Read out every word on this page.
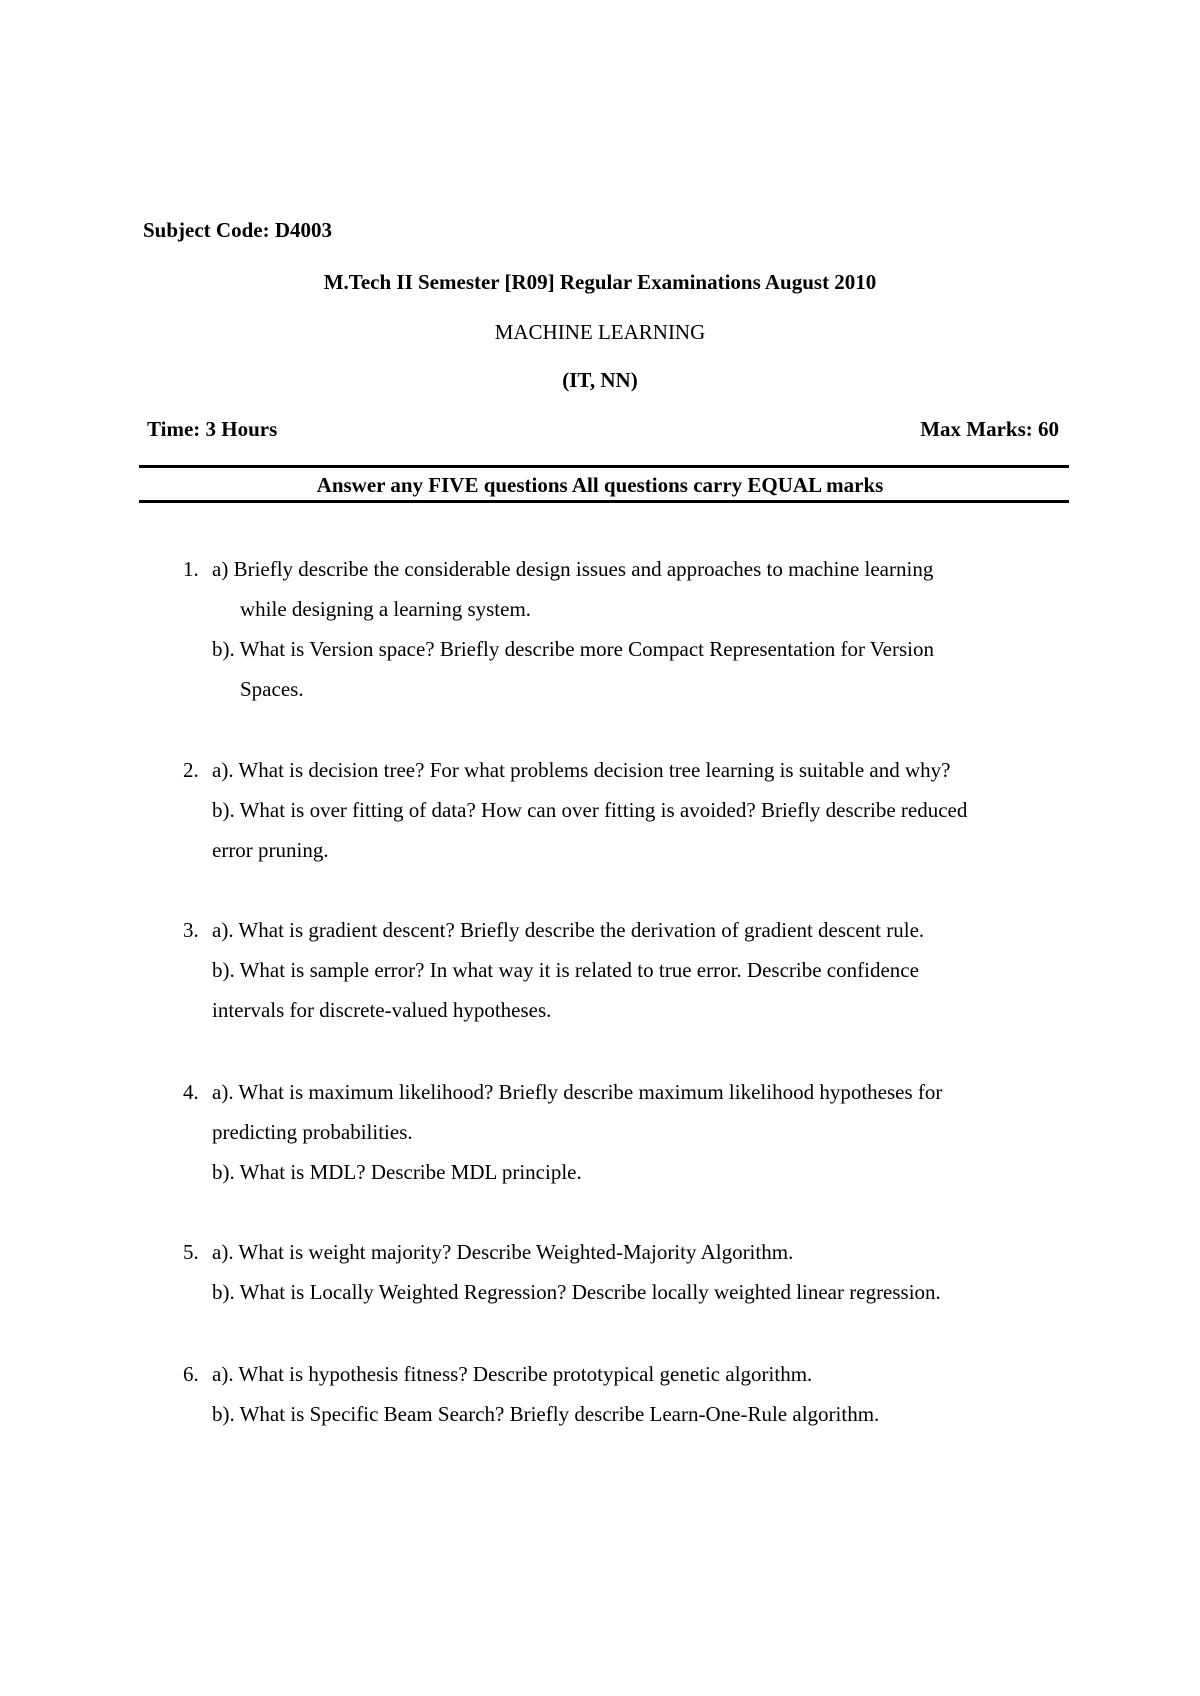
Subject Code: D4003
M.Tech II Semester [R09] Regular Examinations August 2010
MACHINE LEARNING
(IT, NN)
Time: 3 Hours	Max Marks: 60
Answer any FIVE questions All questions carry EQUAL marks
1. a) Briefly describe the considerable design issues and approaches to machine learning
while designing a learning system.
b). What is Version space? Briefly describe more Compact Representation for Version
Spaces.
2. a). What is decision tree? For what problems decision tree learning is suitable and why?
b). What is over fitting of data? How can over fitting is avoided? Briefly describe reduced
error pruning.
3. a). What is gradient descent? Briefly describe the derivation of gradient descent rule.
b). What is sample error? In what way it is related to true error. Describe confidence
intervals for discrete-valued hypotheses.
4. a). What is maximum likelihood? Briefly describe maximum likelihood hypotheses for
predicting probabilities.
b). What is MDL? Describe MDL principle.
5. a). What is weight majority? Describe Weighted-Majority Algorithm.
b). What is Locally Weighted Regression? Describe locally weighted linear regression.
6. a). What is hypothesis fitness? Describe prototypical genetic algorithm.
b). What is Specific Beam Search? Briefly describe Learn-One-Rule algorithm.
